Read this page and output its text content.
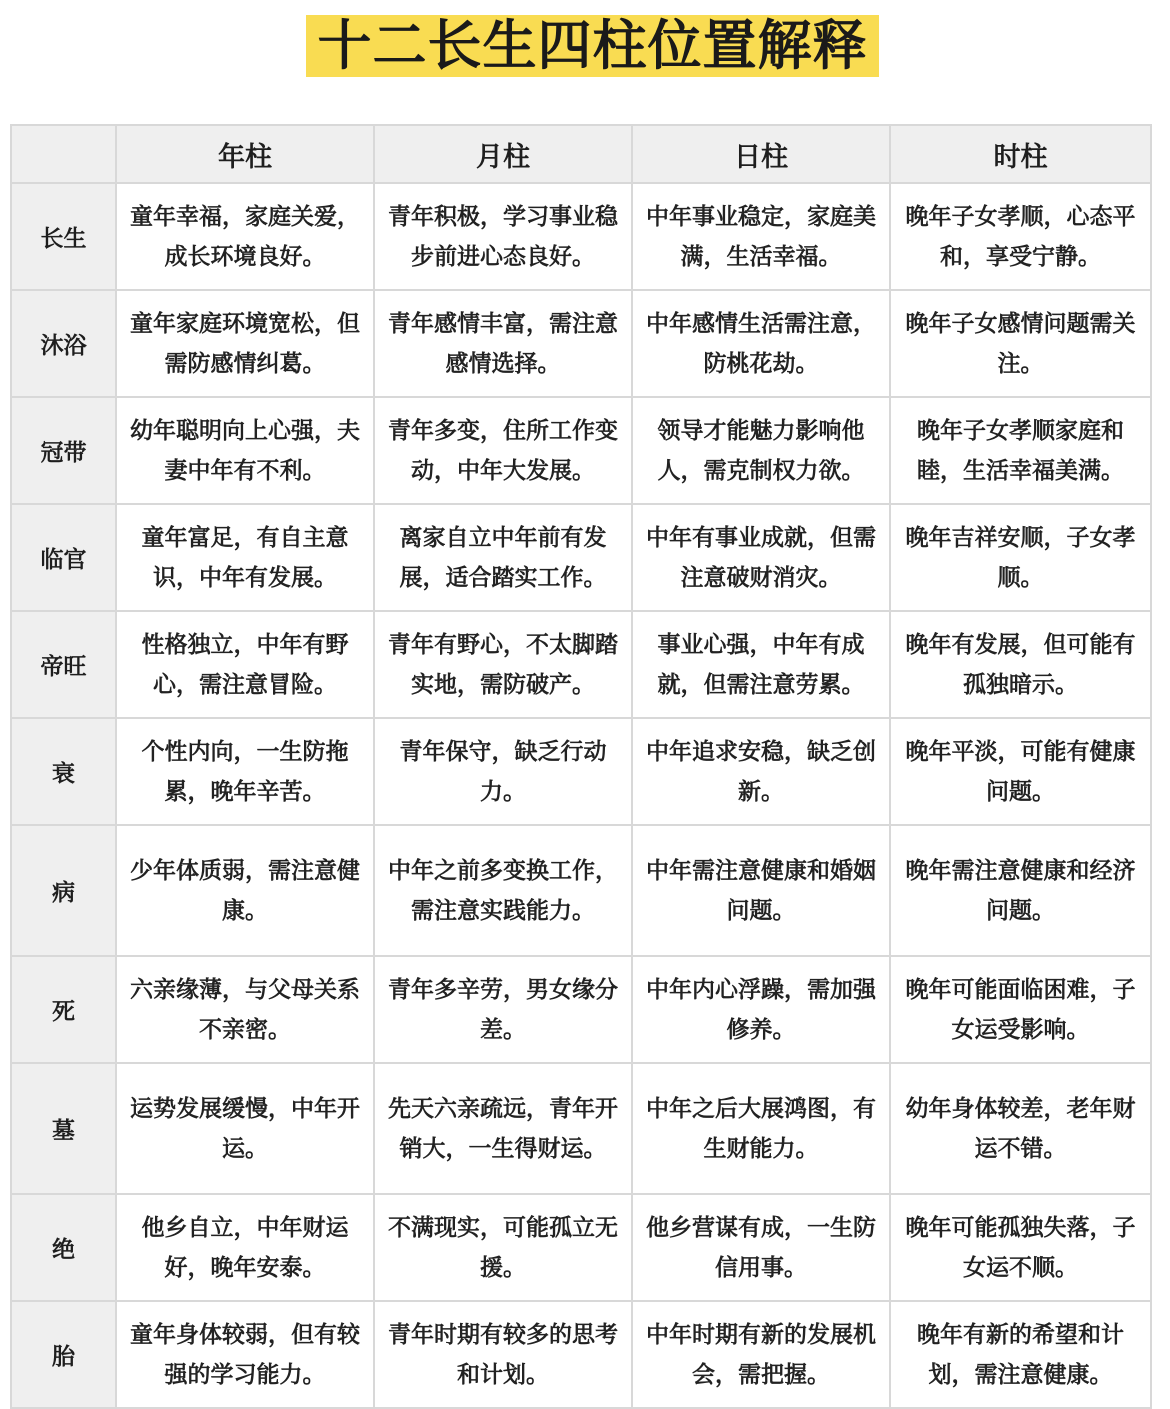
十二长生四柱位置解释
	年柱	月柱	日柱	时柱
长生	童年幸福，家庭关爱，成长环境良好。	青年积极，学习事业稳步前进心态良好。	中年事业稳定，家庭美满，生活幸福。	晚年子女孝顺，心态平和，享受宁静。
沐浴	童年家庭环境宽松，但需防感情纠葛。	青年感情丰富，需注意感情选择。	中年感情生活需注意，防桃花劫。	晚年子女感情问题需关注。
冠带	幼年聪明向上心强，夫妻中年有不利。	青年多变，住所工作变动，中年大发展。	领导才能魅力影响他人，需克制权力欲。	晚年子女孝顺家庭和睦，生活幸福美满。
临官	童年富足，有自主意识，中年有发展。	离家自立中年前有发展，适合踏实工作。	中年有事业成就，但需注意破财消灾。	晚年吉祥安顺，子女孝顺。
帝旺	性格独立，中年有野心，需注意冒险。	青年有野心，不太脚踏实地，需防破产。	事业心强，中年有成就，但需注意劳累。	晚年有发展，但可能有孤独暗示。
衰	个性内向，一生防拖累，晚年辛苦。	青年保守，缺乏行动力。	中年追求安稳，缺乏创新。	晚年平淡，可能有健康问题。
病	少年体质弱，需注意健康。	中年之前多变换工作，需注意实践能力。	中年需注意健康和婚姻问题。	晚年需注意健康和经济问题。
死	六亲缘薄，与父母关系不亲密。	青年多辛劳，男女缘分差。	中年内心浮躁，需加强修养。	晚年可能面临困难，子女运受影响。
墓	运势发展缓慢，中年开运。	先天六亲疏远，青年开销大，一生得财运。	中年之后大展鸿图，有生财能力。	幼年身体较差，老年财运不错。
绝	他乡自立，中年财运好，晚年安泰。	不满现实，可能孤立无援。	他乡营谋有成，一生防信用事。	晚年可能孤独失落，子女运不顺。
胎	童年身体较弱，但有较强的学习能力。	青年时期有较多的思考和计划。	中年时期有新的发展机会，需把握。	晚年有新的希望和计划，需注意健康。
